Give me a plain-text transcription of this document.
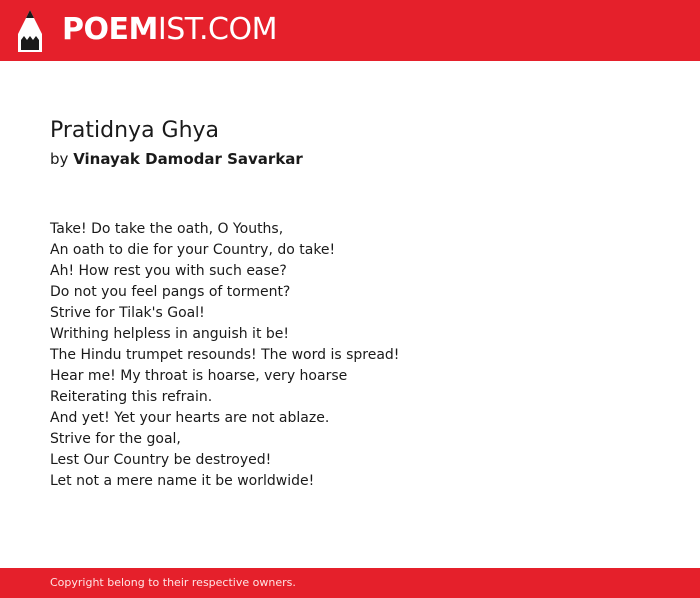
POEMIST.COM
Pratidnya Ghya
by Vinayak Damodar Savarkar
Take! Do take the oath, O Youths,
An oath to die for your Country, do take!
Ah! How rest you with such ease?
Do not you feel pangs of torment?
Strive for Tilak's Goal!
Writhing helpless in anguish it be!
The Hindu trumpet resounds! The word is spread!
Hear me! My throat is hoarse, very hoarse
Reiterating this refrain.
And yet! Yet your hearts are not ablaze.
Strive for the goal,
Lest Our Country be destroyed!
Let not a mere name it be worldwide!
Copyright belong to their respective owners.
